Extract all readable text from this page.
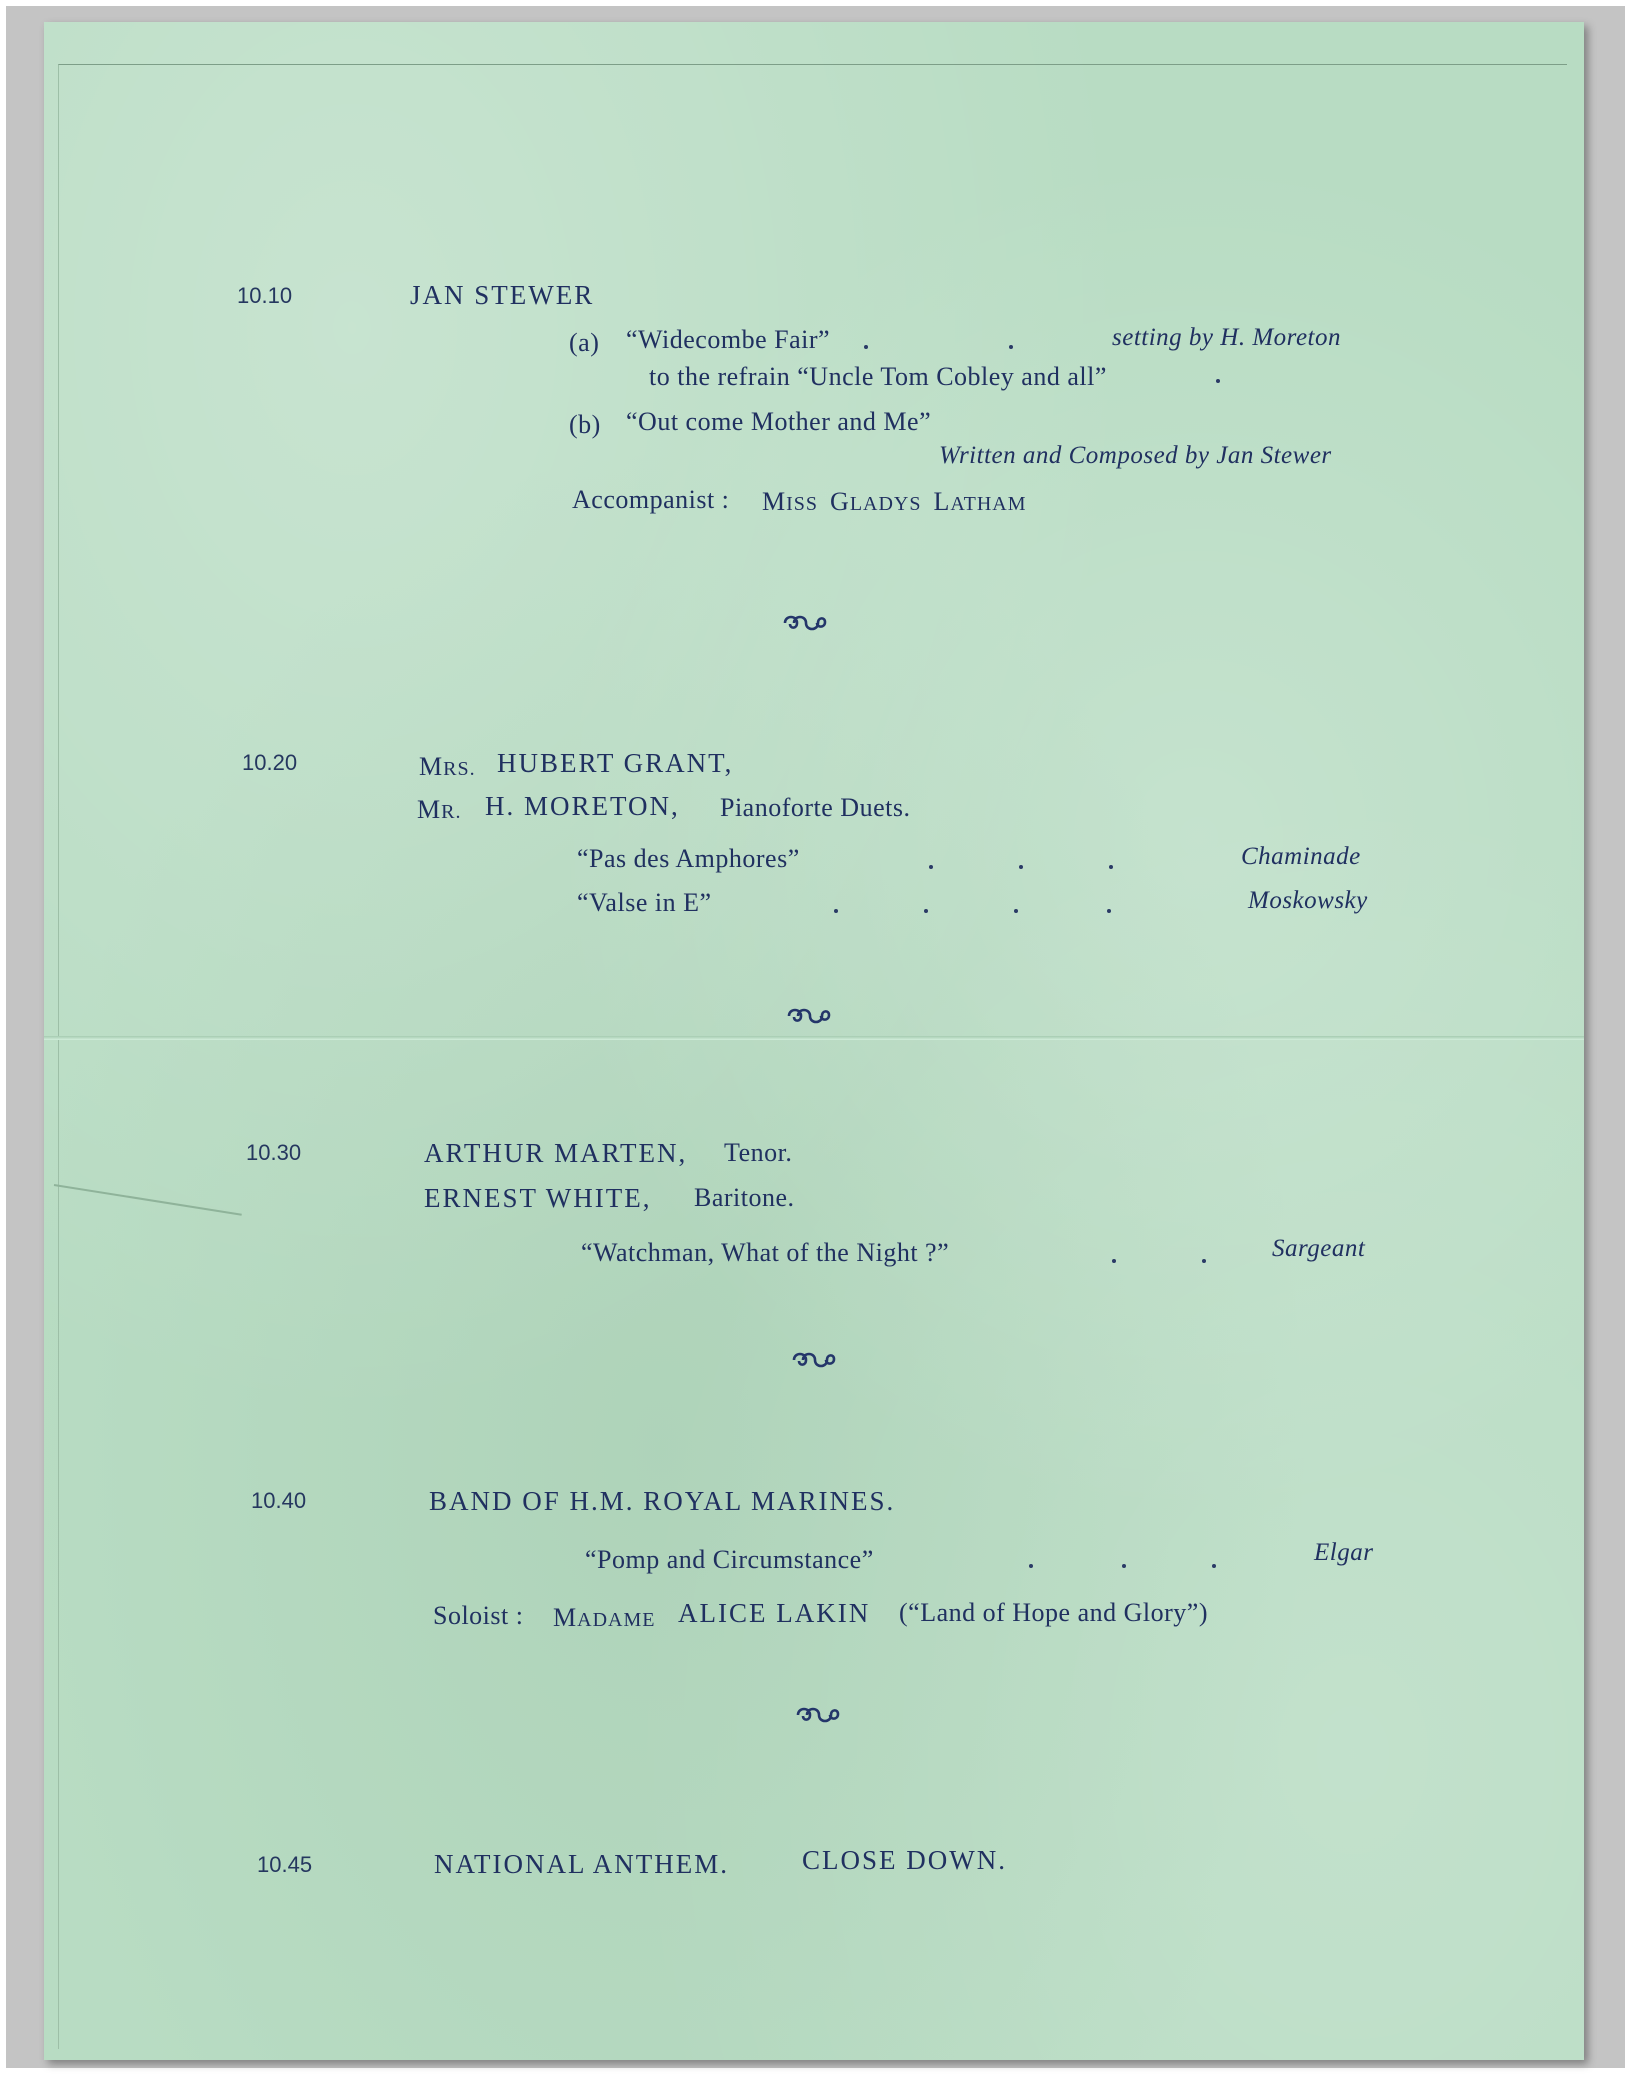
10.10	JAN STEWER
(a) “Widecombe Fair”	setting by H. Moreton
to the refrain “Uncle Tom Cobley and all”
(b) “Out come Mother and Me”
Written and Composed by Jan Stewer
Accompanist : MISS GLADYS LATHAM
10.20	MRS. HUBERT GRANT,
MR. H. MORETON, Pianoforte Duets.
“Pas des Amphores”	Chaminade
“Valse in E”	Moskowsky
10.30	ARTHUR MARTEN, Tenor.
ERNEST WHITE, Baritone.
“Watchman, What of the Night ?”	Sargeant
10.40	BAND OF H.M. ROYAL MARINES.
“Pomp and Circumstance”	Elgar
Soloist : MADAME ALICE LAKIN (“Land of Hope and Glory”)
10.45	NATIONAL ANTHEM.	CLOSE DOWN.
